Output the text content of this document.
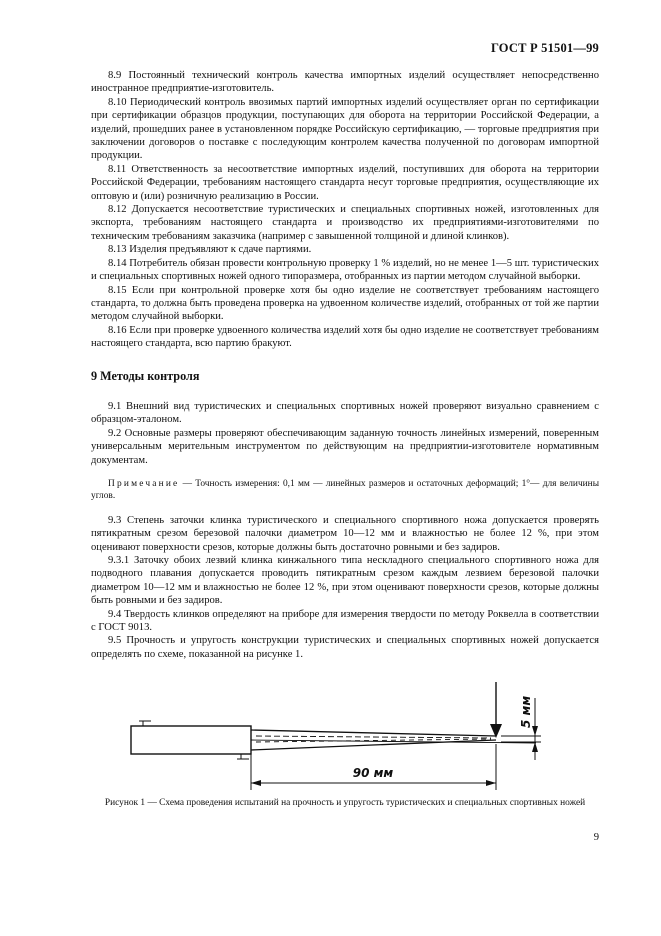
ГОСТ Р 51501—99

8.9 Постоянный технический контроль качества импортных изделий осуществляет непосредственно иностранное предприятие-изготовитель.

8.10 Периодический контроль ввозимых партий импортных изделий осуществляет орган по сертификации при сертификации образцов продукции, поступающих для оборота на территории Российской Федерации, а изделий, прошедших ранее в установленном порядке Российскую сертификацию, — торговые предприятия при заключении договоров о поставке с последующим контролем качества полученной по договорам импортной продукции.

8.11 Ответственность за несоответствие импортных изделий, поступивших для оборота на территории Российской Федерации, требованиям настоящего стандарта несут торговые предприятия, осуществляющие их оптовую и (или) розничную реализацию в России.

8.12 Допускается несоответствие туристических и специальных спортивных ножей, изготовленных для экспорта, требованиям настоящего стандарта и производство их предприятиями-изготовителями по техническим требованиям заказчика (например с завышенной толщиной и длиной клинков).

8.13 Изделия предъявляют к сдаче партиями.

8.14 Потребитель обязан провести контрольную проверку 1 % изделий, но не менее 1—5 шт. туристических и специальных спортивных ножей одного типоразмера, отобранных из партии методом случайной выборки.

8.15 Если при контрольной проверке хотя бы одно изделие не соответствует требованиям настоящего стандарта, то должна быть проведена проверка на удвоенном количестве изделий, отобранных от той же партии методом случайной выборки.

8.16 Если при проверке удвоенного количества изделий хотя бы одно изделие не соответствует требованиям настоящего стандарта, всю партию бракуют.

9 Методы контроля

9.1 Внешний вид туристических и специальных спортивных ножей проверяют визуально сравнением с образцом-эталоном.

9.2 Основные размеры проверяют обеспечивающим заданную точность линейных измерений, поверенным универсальным мерительным инструментом по действующим на предприятии-изготовителе нормативным документам.

Примечание — Точность измерения: 0,1 мм — линейных размеров и остаточных деформаций; 1°— для величины углов.

9.3 Степень заточки клинка туристического и специального спортивного ножа допускается проверять пятикратным срезом березовой палочки диаметром 10—12 мм и влажностью не более 12 %, при этом оценивают поверхности срезов, которые должны быть достаточно ровными и без задиров.

9.3.1 Заточку обоих лезвий клинка кинжального типа нескладного специального спортивного ножа для подводного плавания допускается проводить пятикратным срезом каждым лезвием березовой палочки диаметром 10—12 мм и влажностью не более 12 %, при этом оценивают поверхности срезов, которые должны быть ровными и без задиров.

9.4 Твердость клинков определяют на приборе для измерения твердости по методу Роквелла в соответствии с ГОСТ 9013.

9.5 Прочность и упругость конструкции туристических и специальных спортивных ножей допускается определять по схеме, показанной на рисунке 1.

90 мм
5 мм
Рисунок 1 — Схема проведения испытаний на прочность и упругость туристических и специальных спортивных ножей
9
